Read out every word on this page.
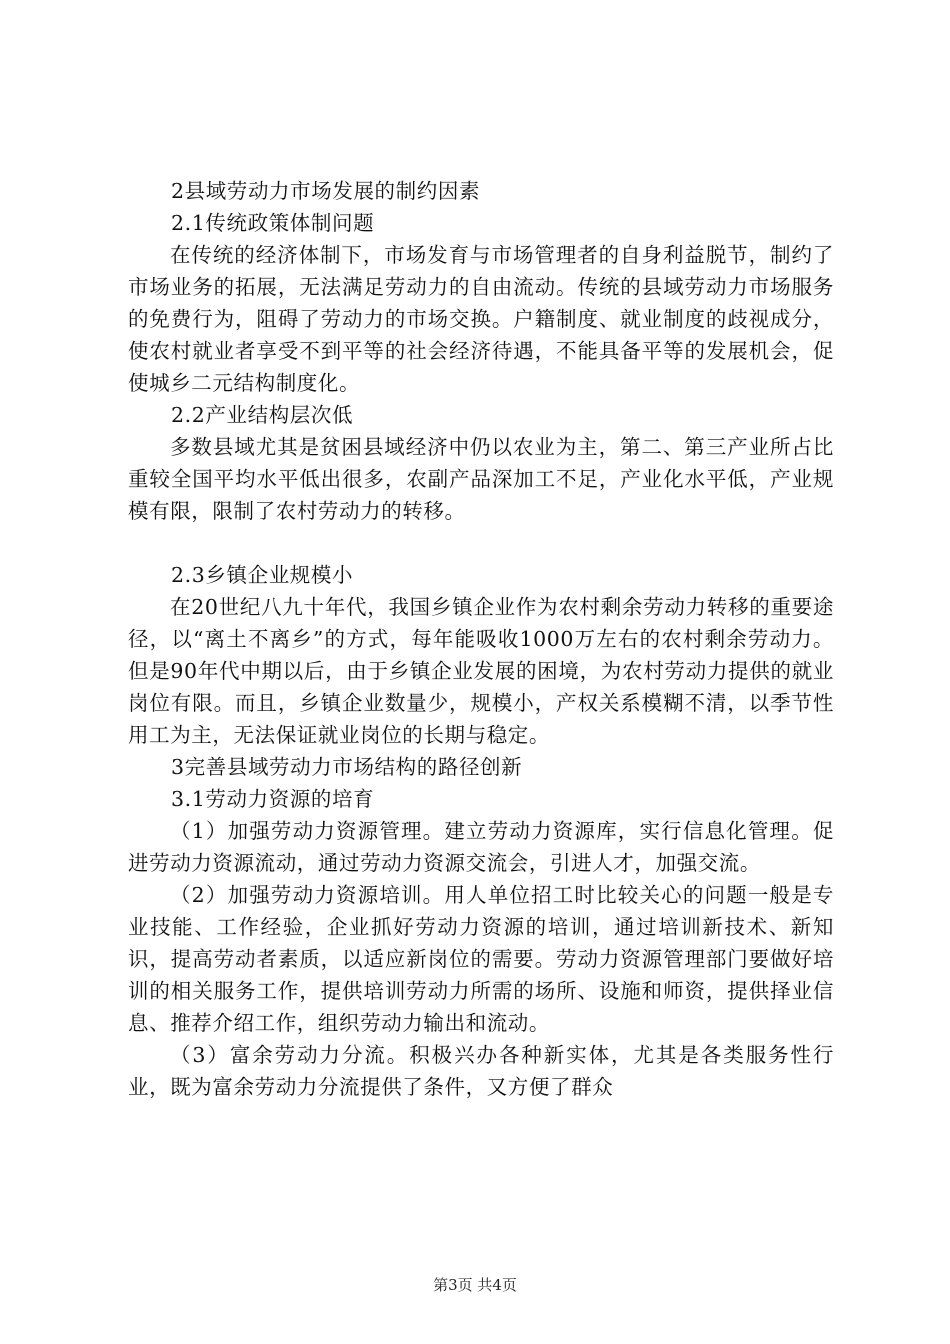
2县域劳动力市场发展的制约因素

2.1传统政策体制问题

在传统的经济体制下，市场发育与市场管理者的自身利益脱节，制约了市场业务的拓展，无法满足劳动力的自由流动。传统的县域劳动力市场服务的免费行为，阻碍了劳动力的市场交换。户籍制度、就业制度的歧视成分，使农村就业者享受不到平等的社会经济待遇，不能具备平等的发展机会，促使城乡二元结构制度化。

2.2产业结构层次低

多数县域尤其是贫困县域经济中仍以农业为主，第二、第三产业所占比重较全国平均水平低出很多，农副产品深加工不足，产业化水平低，产业规模有限，限制了农村劳动力的转移。

2.3乡镇企业规模小

在20世纪八九十年代，我国乡镇企业作为农村剩余劳动力转移的重要途径，以“离土不离乡”的方式，每年能吸收1000万左右的农村剩余劳动力。但是90年代中期以后，由于乡镇企业发展的困境，为农村劳动力提供的就业岗位有限。而且，乡镇企业数量少，规模小，产权关系模糊不清，以季节性用工为主，无法保证就业岗位的长期与稳定。

3完善县域劳动力市场结构的路径创新

3.1劳动力资源的培育

（1）加强劳动力资源管理。建立劳动力资源库，实行信息化管理。促进劳动力资源流动，通过劳动力资源交流会，引进人才，加强交流。

（2）加强劳动力资源培训。用人单位招工时比较关心的问题一般是专业技能、工作经验，企业抓好劳动力资源的培训，通过培训新技术、新知识，提高劳动者素质，以适应新岗位的需要。劳动力资源管理部门要做好培训的相关服务工作，提供培训劳动力所需的场所、设施和师资，提供择业信息、推荐介绍工作，组织劳动力输出和流动。

（3）富余劳动力分流。积极兴办各种新实体，尤其是各类服务性行业，既为富余劳动力分流提供了条件，又方便了群众

第3页 共4页
